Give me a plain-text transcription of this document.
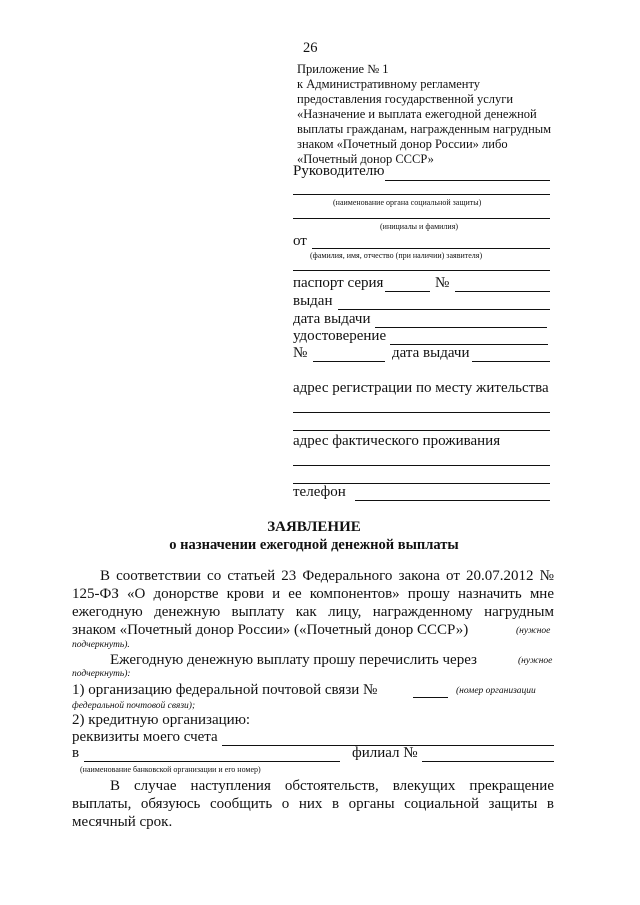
26
Приложение № 1
к Административному регламенту
предоставления государственной услуги
«Назначение и выплата ежегодной денежной
выплаты гражданам, награжденным нагрудным
знаком «Почетный донор России» либо
«Почетный донор СССР»
Руководителю
(наименование органа социальной защиты)
(инициалы и фамилия)
от
(фамилия, имя, отчество (при наличии) заявителя)
паспорт серия	№
выдан
дата выдачи
удостоверение
№	дата выдачи
адрес регистрации по месту жительства
адрес фактического проживания
телефон
ЗАЯВЛЕНИЕ
о назначении ежегодной денежной выплаты
В соответствии со статьей 23 Федерального закона от 20.07.2012 №
125-ФЗ «О донорстве крови и ее компонентов» прошу назначить мне
ежегодную денежную выплату как лицу, награжденному нагрудным
знаком «Почетный донор России» («Почетный донор СССР»)	(нужное
подчеркнуть).
Ежегодную денежную выплату прошу перечислить через	(нужное
подчеркнуть):
1) организацию федеральной почтовой связи №	(номер организации
федеральной почтовой связи);
2) кредитную организацию:
реквизиты моего счета
в	филиал №
(наименование банковской организации и его номер)
В случае наступления обстоятельств, влекущих прекращение
выплаты, обязуюсь сообщить о них в органы социальной защиты в
месячный срок.
